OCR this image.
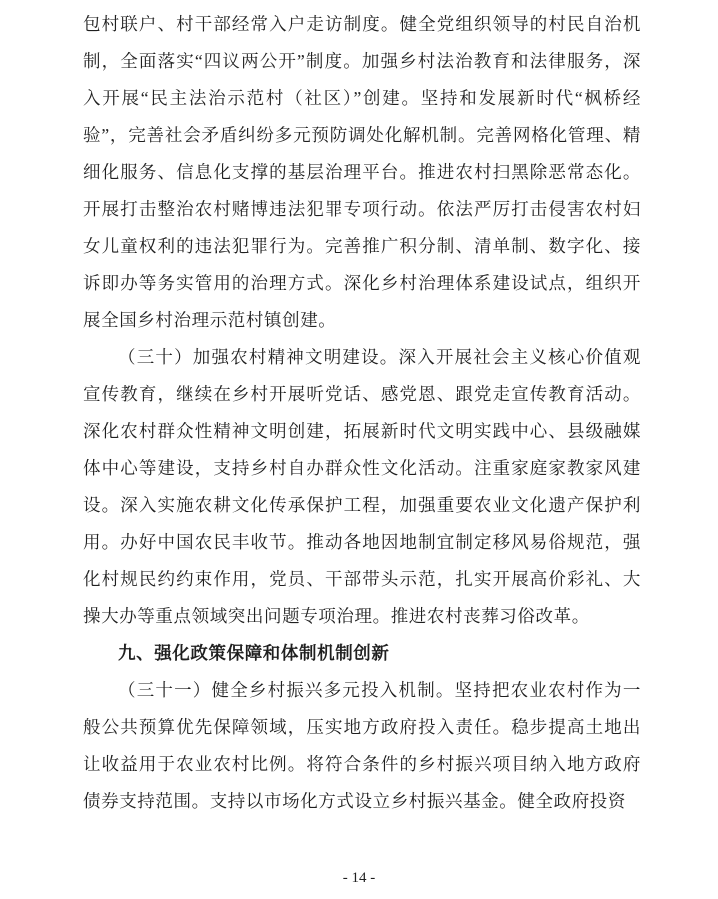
包村联户、村干部经常入户走访制度。健全党组织领导的村民自治机制，全面落实“四议两公开”制度。加强乡村法治教育和法律服务，深入开展“民主法治示范村（社区）”创建。坚持和发展新时代“枫桥经验”，完善社会矛盾纠纷多元预防调处化解机制。完善网格化管理、精细化服务、信息化支撑的基层治理平台。推进农村扫黑除恶常态化。开展打击整治农村赌博违法犯罪专项行动。依法严厉打击侵害农村妇女儿童权利的违法犯罪行为。完善推广积分制、清单制、数字化、接诉即办等务实管用的治理方式。深化乡村治理体系建设试点，组织开展全国乡村治理示范村镇创建。

（三十）加强农村精神文明建设。深入开展社会主义核心价值观宣传教育，继续在乡村开展听党话、感党恩、跟党走宣传教育活动。深化农村群众性精神文明创建，拓展新时代文明实践中心、县级融媒体中心等建设，支持乡村自办群众性文化活动。注重家庭家教家风建设。深入实施农耕文化传承保护工程，加强重要农业文化遗产保护利用。办好中国农民丰收节。推动各地因地制宜制定移风易俗规范，强化村规民约约束作用，党员、干部带头示范，扎实开展高价彩礼、大操大办等重点领域突出问题专项治理。推进农村丧葬习俗改革。

九、强化政策保障和体制机制创新

（三十一）健全乡村振兴多元投入机制。坚持把农业农村作为一般公共预算优先保障领域，压实地方政府投入责任。稳步提高土地出让收益用于农业农村比例。将符合条件的乡村振兴项目纳入地方政府债券支持范围。支持以市场化方式设立乡村振兴基金。健全政府投资

- 14 -
